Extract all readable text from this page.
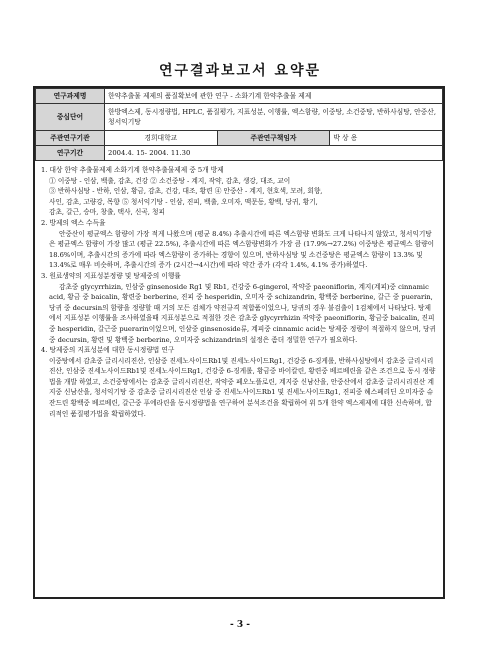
연구결과보고서 요약문
연구과제명	한약추출물 제제의 품질확보에 관한 연구 - 소화기계 한약추출물 제제		
중심단어	한방엑스제, 동시정량법, HPLC, 품질평가, 지표성분, 이행률, 엑스함량, 이중탕, 소건중탕, 반하사심탕, 안중산, 청서익기탕		
주관연구기관	경희대학교	주관연구책임자	박 상 용
연구기간	2004.4. 15- 2004. 11.30		

1. 대상 한약 추출물제제 소화기계 한약추출물제제 중 5개 방제

① 이중탕 - 인삼, 백출, 감초, 건강 ② 소건중탕 - 계지, 작약, 감초, 생강, 대조, 교이

③ 반하사심탕 - 반하, 인삼, 황금, 감초, 건강, 대조, 황련 ④ 안중산 - 계지, 현호색, 모려, 회향,

사인, 감초, 고량강, 목향 ⑤ 청서익기탕 - 인삼, 진피, 백출, 오미자, 맥문동, 황백, 당귀, 황기,

감초, 갈근, 승마, 창출, 택사, 신곡, 청피

2. 방제의 엑스 수득율

안중산이 평균엑스 함량이 가장 적게 나왔으며 (평균 8.4%) 추출시간에 따른 엑스함량 변화도 크게 나타나지 않았고, 청서익기탕은 평균엑스 함량이 가장 많고 (평균 22.5%), 추출시간에 따른 엑스함량변화가 가장 큼 (17.9%→27.2%) 이중탕은 평균엑스 함량이 18.6%이며, 추출시간의 증가에 따라 엑스함량이 증가하는 경향이 있으며, 반하사심탕 및 소건중탕은 평균엑스 함량이 13.3% 및 13.4%로 매우 비슷하며, 추출시간의 증가 (2시간→4시간)에 따라 약간 증가 (각각 1.4%, 4.1% 증가)하였다.

3. 원료생약의 지표성분정량 및 탕제중의 이행률

감초중 glycyrrhizin, 인삼중 ginsenoside Rg1 및 Rb1, 건강중 6-gingerol, 작약중 paeoniflorin, 계지(계피)중 cinnamic acid, 황금 중 baicalin, 황련중 berberine, 진피 중 hesperidin, 오미자 중 schizandrin, 황백중 berberine, 갈근 중 puerarin, 당귀 중 decursin의 함량을 정량할 때 거의 모든 검체가 약전규격 적합품이었으나, 당귀의 경우 불검출이 1검체에서 나타났다. 탕제에서 지표성분 이행률을 조사하였을때 지표성분으로 적절한 것은 감초중 glycyrrhizin 작약중 paeoniflorin, 황금중 baicalin, 진피중 hesperidin, 갈근중 puerarin이었으며, 인삼중 ginsenoside류, 계피중 cinnamic acid는 탕제중 정량이 적절하지 않으며, 당귀중 decursin, 황련 및 황백중 berberine, 오미자중 schizandrin의 설정은 좀더 정밀한 연구가 필요하다.

4. 탕제중의 지표성분에 대한 동시정량법 연구

이중탕에서 감초중 글리시리진산, 인삼중 진세노사이드Rb1및 진세노사이드Rg1, 건강중 6-징게롤, 반하사심탕에서 감초중 글리시리진산, 인삼중 진세노사이드Rb1및 진세노사이드Rg1, 건강중 6-징게롤, 황금중 바이칼린, 황련중 베르베린을 같은 조건으로 동시 정량법을 개발 하였고, 소건중탕에서는 감초중 글리시리진산, 작약중 페오노플로린, 계지중 신남산을, 안중산에서 감초중 글리시리진산 계지중 신남산을, 청서익기탕 중 감초중 글리시리진산 인삼 중 진세노사이드Rb1 및 진세노사이드Rg1, 진피중 헤스페리딘 오미자중 슈잔드린 황백중 베르베린, 갈근중 푸에라린을 동시정량법을 연구하여 분석조건을 확립하여 위 5개 한약 엑스제제에 대한 신속하며, 합리적인 품질평가법을 확립하였다.

- 3 -
